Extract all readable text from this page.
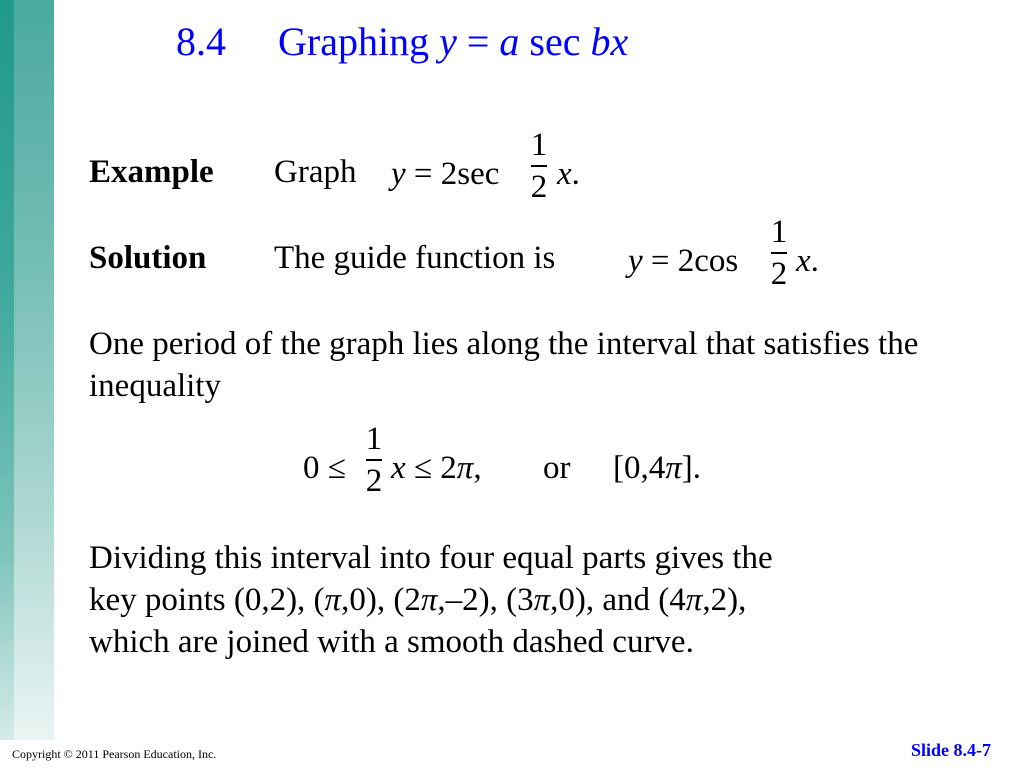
8.4 Graphing y = a sec bx
Example Graph y = 2sec
1
2 x.
Solution The guide function is y = 2cos
1
2 x.
One period of the graph lies along the interval that satisfies the inequality
0 ≤
1
2 x ≤ 2π, or [0,4π].
Dividing this interval into four equal parts gives the
key points (0,2), (π,0), (2π,–2), (3π,0), and (4π,2),
which are joined with a smooth dashed curve.
Copyright © 2011 Pearson Education, Inc.	Slide 8.4-7
